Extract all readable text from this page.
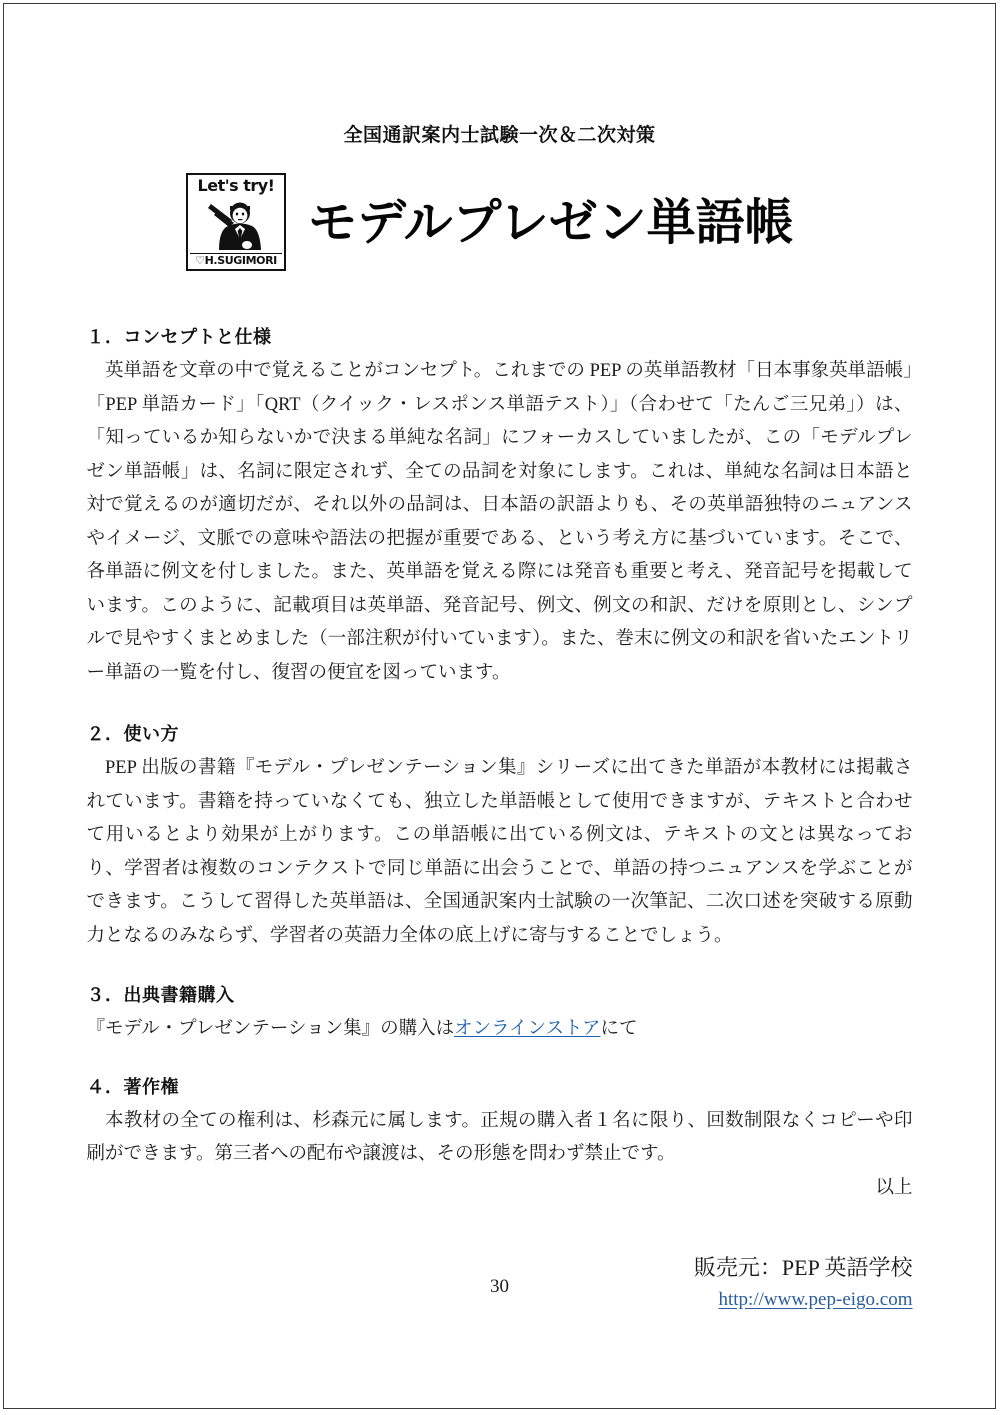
全国通訳案内士試験一次＆二次対策
Let's try!
♡H.SUGIMORI
モデルプレゼン単語帳
１．コンセプトと仕様

英単語を文章の中で覚えることがコンセプト。これまでの PEP の英単語教材「日本事象英単語帳」「PEP 単語カード」「QRT（クイック・レスポンス単語テスト）」（合わせて「たんご三兄弟」）は、「知っているか知らないかで決まる単純な名詞」にフォーカスしていましたが、この「モデルプレゼン単語帳」は、名詞に限定されず、全ての品詞を対象にします。これは、単純な名詞は日本語と対で覚えるのが適切だが、それ以外の品詞は、日本語の訳語よりも、その英単語独特のニュアンスやイメージ、文脈での意味や語法の把握が重要である、という考え方に基づいています。そこで、各単語に例文を付しました。また、英単語を覚える際には発音も重要と考え、発音記号を掲載しています。このように、記載項目は英単語、発音記号、例文、例文の和訳、だけを原則とし、シンプルで見やすくまとめました（一部注釈が付いています）。また、巻末に例文の和訳を省いたエントリー単語の一覧を付し、復習の便宜を図っています。

２．使い方

PEP 出版の書籍『モデル・プレゼンテーション集』シリーズに出てきた単語が本教材には掲載されています。書籍を持っていなくても、独立した単語帳として使用できますが、テキストと合わせて用いるとより効果が上がります。この単語帳に出ている例文は、テキストの文とは異なっており、学習者は複数のコンテクストで同じ単語に出会うことで、単語の持つニュアンスを学ぶことができます。こうして習得した英単語は、全国通訳案内士試験の一次筆記、二次口述を突破する原動力となるのみならず、学習者の英語力全体の底上げに寄与することでしょう。

３．出典書籍購入

『モデル・プレゼンテーション集』の購入はオンラインストアにて

４．著作権

本教材の全ての権利は、杉森元に属します。正規の購入者１名に限り、回数制限なくコピーや印刷ができます。第三者への配布や譲渡は、その形態を問わず禁止です。

以上

販売元：PEP 英語学校

http://www.pep-eigo.com
30
